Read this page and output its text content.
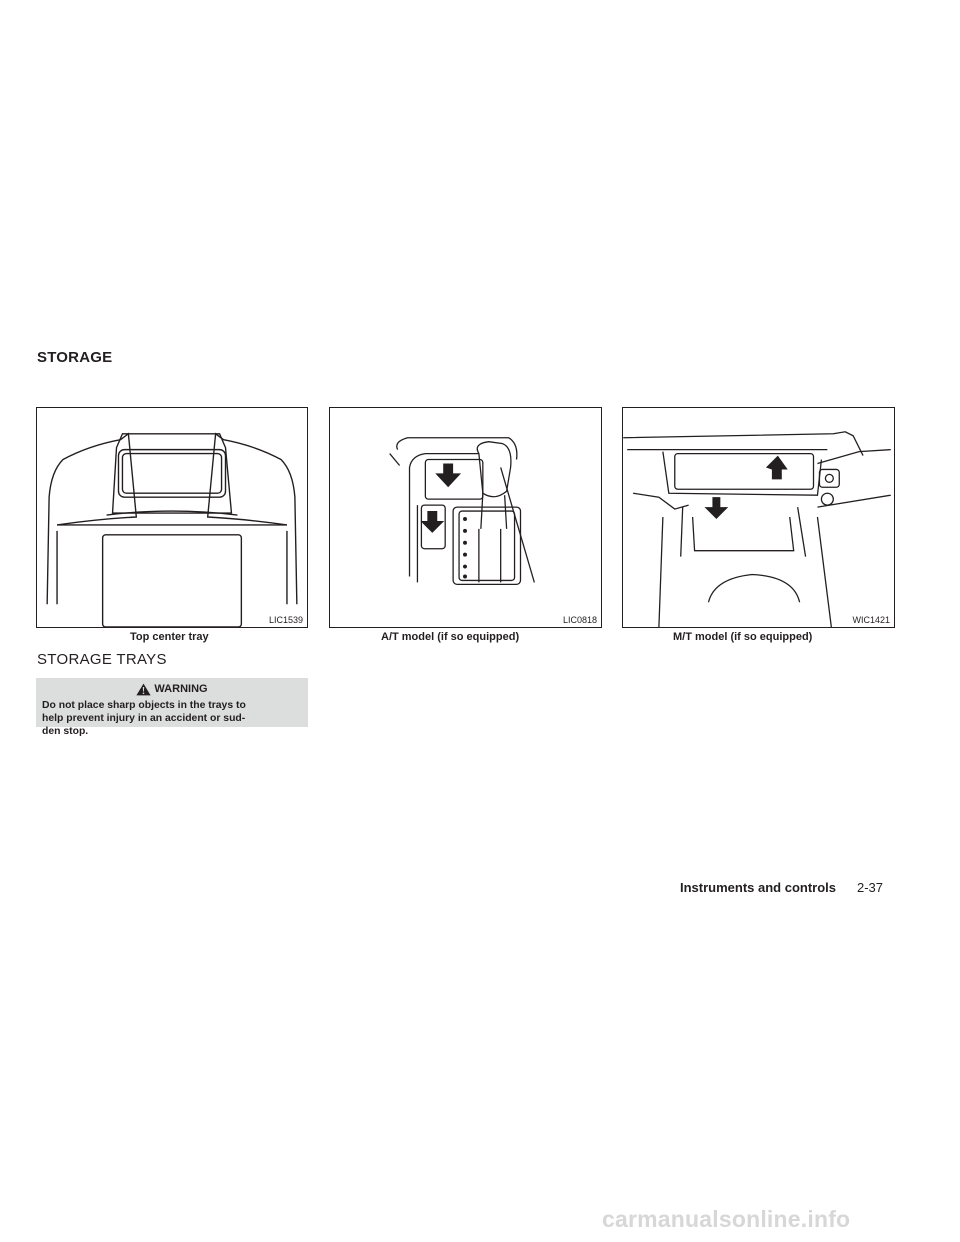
STORAGE
LIC1539
Top center tray
LIC0818
A/T model (if so equipped)
WIC1421
M/T model (if so equipped)
STORAGE TRAYS
WARNING
Do not place sharp objects in the trays to
help prevent injury in an accident or sud-
den stop.
Instruments and controls 2-37
carmanualsonline.info
